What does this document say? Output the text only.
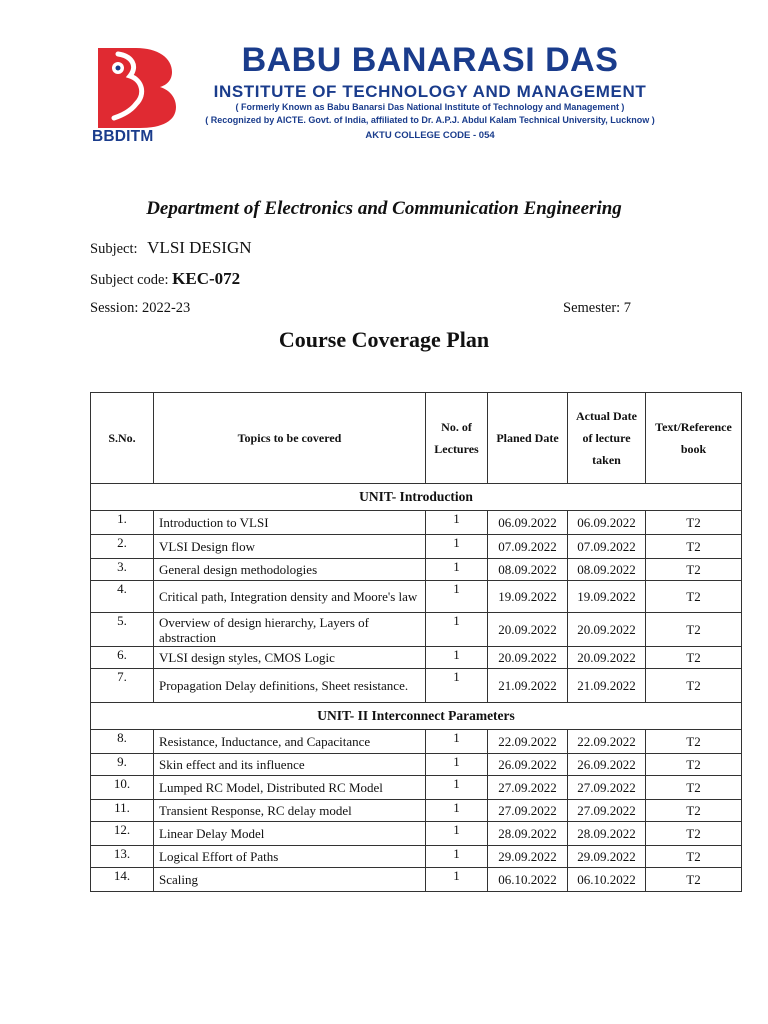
BBDITM

BABU BANARASI DAS

INSTITUTE OF TECHNOLOGY AND MANAGEMENT

( Formerly Known as Babu Banarsi Das National Institute of Technology and Management )

( Recognized by AICTE. Govt. of India, affiliated to Dr. A.P.J. Abdul Kalam Technical University, Lucknow )

AKTU COLLEGE CODE - 054

Department of Electronics and Communication Engineering
Subject: VLSI DESIGN
Subject code: KEC-072
Session: 2022-23	Semester: 7
Course Coverage Plan
S.No.	Topics to be covered	No. of Lectures	Planed Date	Actual Date of lecture taken	Text/Reference book
UNIT- Introduction					
1.	Introduction to VLSI	1	06.09.2022	06.09.2022	T2
2.	VLSI Design flow	1	07.09.2022	07.09.2022	T2
3.	General design methodologies	1	08.09.2022	08.09.2022	T2
4.	Critical path, Integration density and Moore's law	1	19.09.2022	19.09.2022	T2
5.	Overview of design hierarchy, Layers of abstraction	1	20.09.2022	20.09.2022	T2
6.	VLSI design styles, CMOS Logic	1	20.09.2022	20.09.2022	T2
7.	Propagation Delay definitions, Sheet resistance.	1	21.09.2022	21.09.2022	T2
UNIT- II Interconnect Parameters					
8.	Resistance, Inductance, and Capacitance	1	22.09.2022	22.09.2022	T2
9.	Skin effect and its influence	1	26.09.2022	26.09.2022	T2
10.	Lumped RC Model, Distributed RC Model	1	27.09.2022	27.09.2022	T2
11.	Transient Response, RC delay model	1	27.09.2022	27.09.2022	T2
12.	Linear Delay Model	1	28.09.2022	28.09.2022	T2
13.	Logical Effort of Paths	1	29.09.2022	29.09.2022	T2
14.	Scaling	1	06.10.2022	06.10.2022	T2
